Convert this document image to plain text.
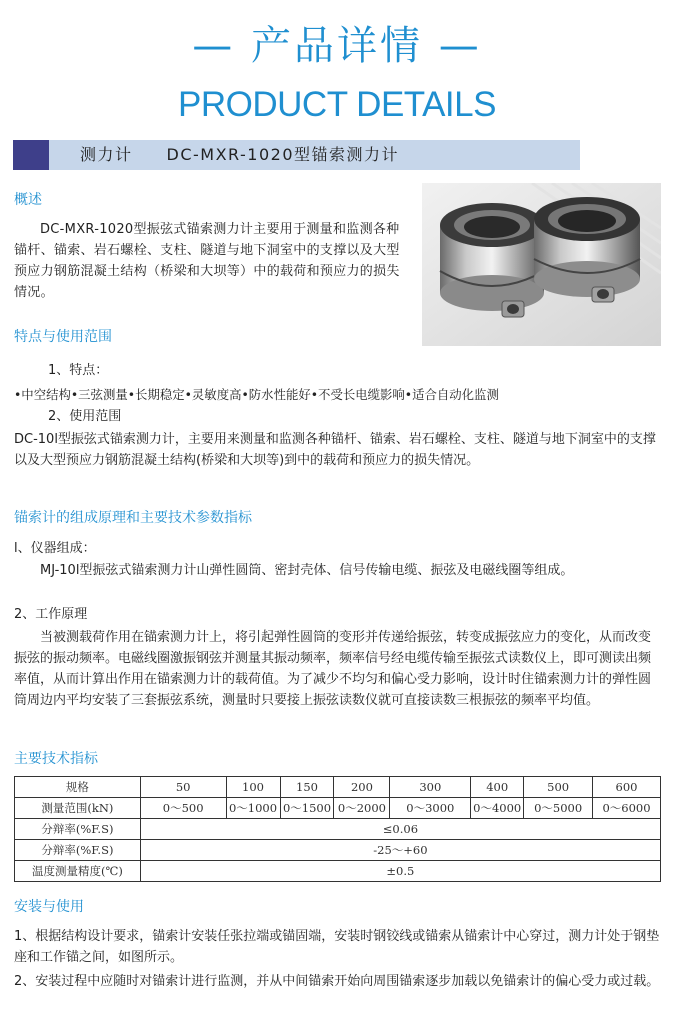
— 产品详情 —
PRODUCT DETAILS
测力计 DC-MXR-1020型锚索测力计
概述
DC-MXR-1020型振弦式锚索测力计主要用于测量和监测各种锚杆、锚索、岩石螺栓、支柱、隧道与地下洞室中的支撑以及大型预应力钢筋混凝土结构（桥梁和大坝等）中的载荷和预应力的损失情况。
特点与使用范围
1、特点：
•中空结构•三弦测量•长期稳定•灵敏度高•防水性能好•不受长电缆影响•适合自动化监测
2、使用范围
DC-10l型振弦式锚索测力计，主要用来测量和监测各种锚杆、锚索、岩石螺栓、支柱、隧道与地下洞室中的支撑以及大型预应力钢筋混凝土结构(桥梁和大坝等)到中的载荷和预应力的损失情况。
锚索计的组成原理和主要技术参数指标
l、仪器组成：
MJ-10l型振弦式锚索测力计山弹性圆筒、密封壳体、信号传输电缆、振弦及电磁线圈等组成。
2、工作原理
当被测载荷作用在锚索测力计上，将引起弹性圆筒的变形并传递给振弦，转变成振弦应力的变化，从而改变振弦的振动频率。电磁线圈激振钢弦并测量其振动频率，频率信号经电缆传输至振弦式读数仪上，即可测读出频率值，从而计算出作用在锚索测力计的载荷值。为了减少不均匀和偏心受力影响，设计时住锚索测力计的弹性圆筒周边内平均安装了三套振弦系统，测量时只要接上振弦读数仪就可直接读数三根振弦的频率平均值。
主要技术指标
规格	50	100	150	200	300	400	500	600
测量范围(kN)	0～500	0～1000	0～1500	0～2000	0～3000	0～4000	0～5000	0～6000
分辩率(%F.S)	≤0.06							
分辩率(%F.S)	-25～+60							
温度测量精度(℃)	±0.5							
安装与使用
1、根据结构设计要求，锚索计安装任张拉端或锚固端，安装时钢铰线或锚索从锚索计中心穿过，测力计处于钢垫座和工作锚之间，如图所示。
2、安装过程中应随时对锚索计进行监测，并从中间锚索开始向周围锚索逐步加载以免锚索计的偏心受力或过载。
